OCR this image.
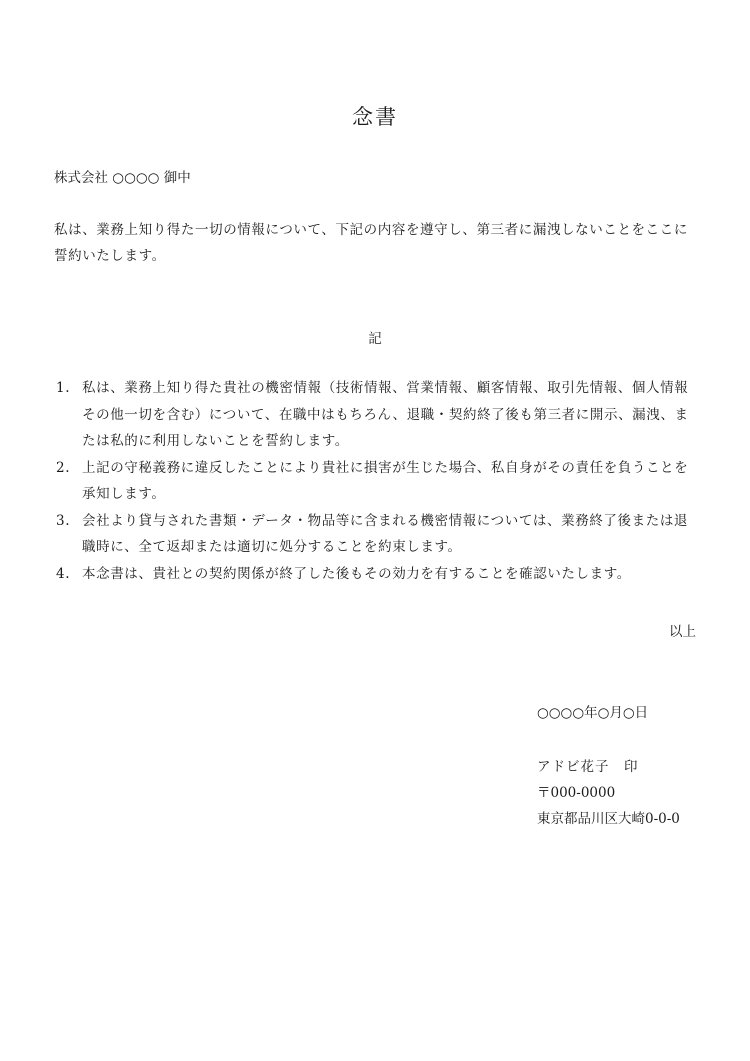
念書
株式会社 ○○○○ 御中
私は、業務上知り得た一切の情報について、下記の内容を遵守し、第三者に漏洩しないことをここに誓約いたします。
記
1. 私は、業務上知り得た貴社の機密情報（技術情報、営業情報、顧客情報、取引先情報、個人情報その他一切を含む）について、在職中はもちろん、退職・契約終了後も第三者に開示、漏洩、または私的に利用しないことを誓約します。
2. 上記の守秘義務に違反したことにより貴社に損害が生じた場合、私自身がその責任を負うことを承知します。
3. 会社より貸与された書類・データ・物品等に含まれる機密情報については、業務終了後または退職時に、全て返却または適切に処分することを約束します。
4. 本念書は、貴社との契約関係が終了した後もその効力を有することを確認いたします。
以上
○○○○年○月○日
アドビ花子　印
〒000-0000
東京都品川区大崎0-0-0
